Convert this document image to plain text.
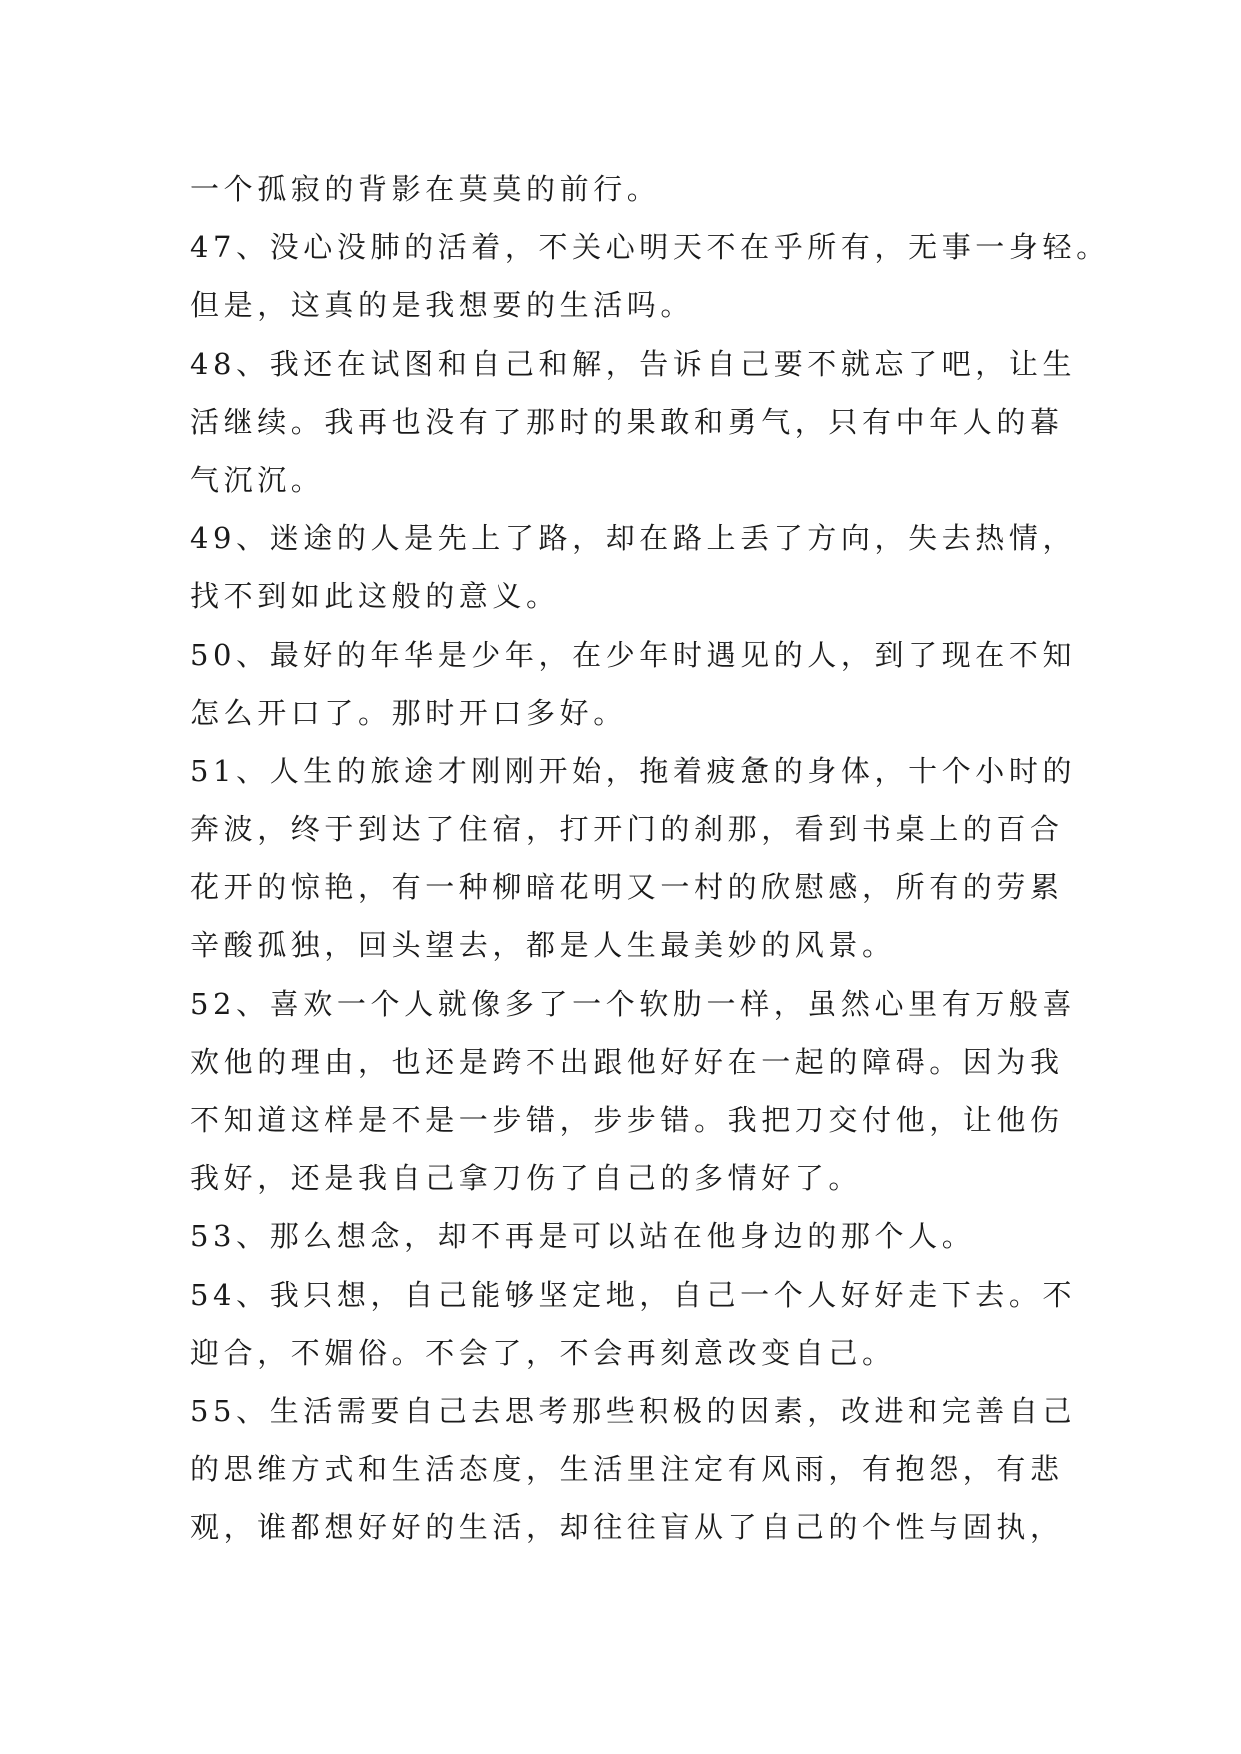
一个孤寂的背影在莫莫的前行。
47、没心没肺的活着，不关心明天不在乎所有，无事一身轻。
但是，这真的是我想要的生活吗。
48、我还在试图和自己和解，告诉自己要不就忘了吧，让生
活继续。我再也没有了那时的果敢和勇气，只有中年人的暮
气沉沉。
49、迷途的人是先上了路，却在路上丢了方向，失去热情，
找不到如此这般的意义。
50、最好的年华是少年，在少年时遇见的人，到了现在不知
怎么开口了。那时开口多好。
51、人生的旅途才刚刚开始，拖着疲惫的身体，十个小时的
奔波，终于到达了住宿，打开门的刹那，看到书桌上的百合
花开的惊艳，有一种柳暗花明又一村的欣慰感，所有的劳累
辛酸孤独，回头望去，都是人生最美妙的风景。
52、喜欢一个人就像多了一个软肋一样，虽然心里有万般喜
欢他的理由，也还是跨不出跟他好好在一起的障碍。因为我
不知道这样是不是一步错，步步错。我把刀交付他，让他伤
我好，还是我自己拿刀伤了自己的多情好了。
53、那么想念，却不再是可以站在他身边的那个人。
54、我只想，自己能够坚定地，自己一个人好好走下去。不
迎合，不媚俗。不会了，不会再刻意改变自己。
55、生活需要自己去思考那些积极的因素，改进和完善自己
的思维方式和生活态度，生活里注定有风雨，有抱怨，有悲
观，谁都想好好的生活，却往往盲从了自己的个性与固执，
